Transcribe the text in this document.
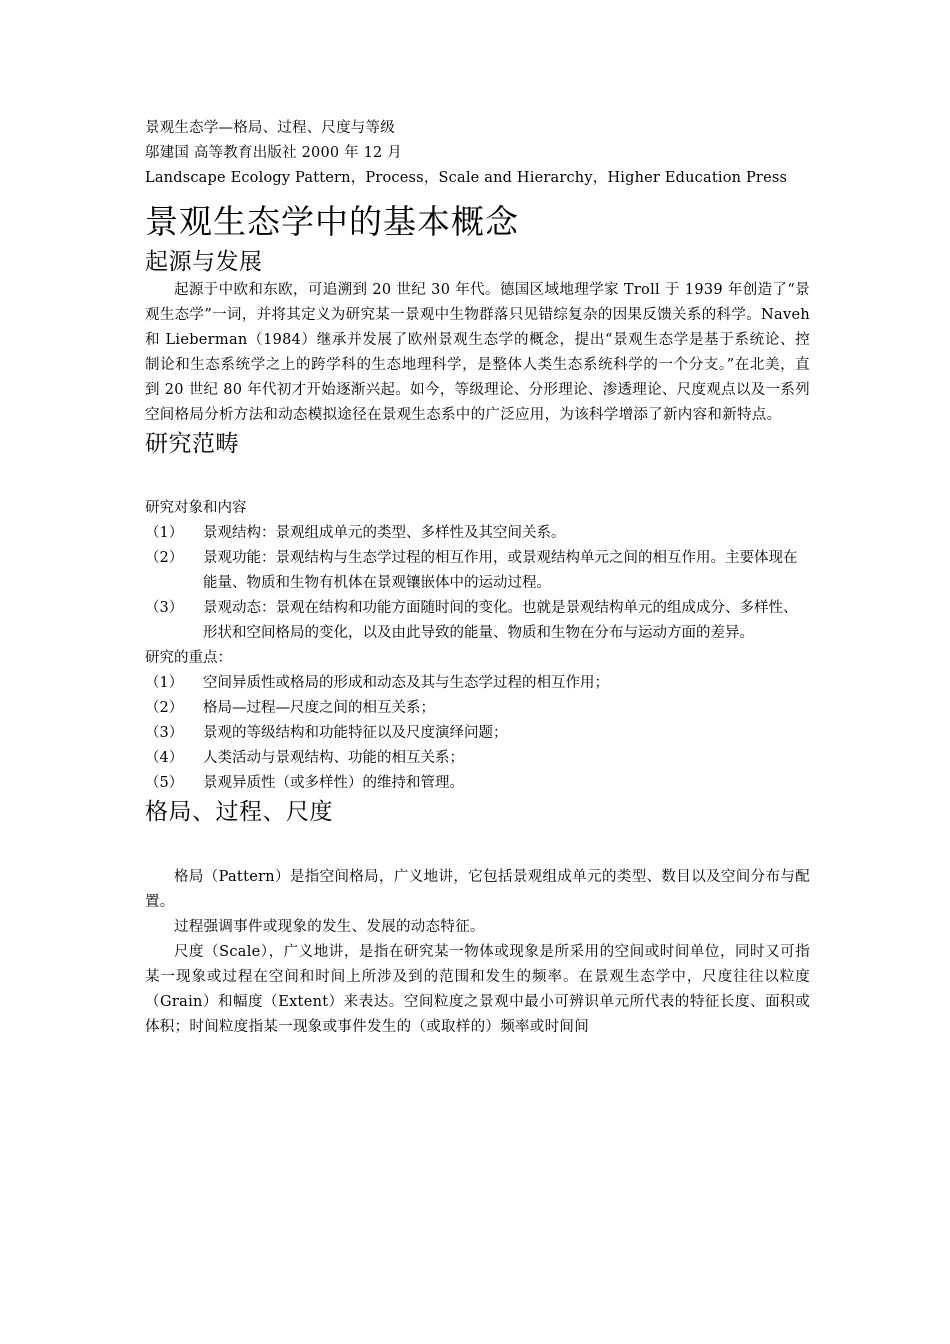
景观生态学—格局、过程、尺度与等级
邬建国 高等教育出版社 2000 年 12 月
Landscape Ecology Pattern，Process，Scale and Hierarchy，Higher Education Press
景观生态学中的基本概念
起源与发展

起源于中欧和东欧，可追溯到 20 世纪 30 年代。德国区域地理学家 Troll 于 1939 年创造了“景观生态学”一词，并将其定义为研究某一景观中生物群落只见错综复杂的因果反馈关系的科学。Naveh 和 Lieberman（1984）继承并发展了欧州景观生态学的概念，提出“景观生态学是基于系统论、控制论和生态系统学之上的跨学科的生态地理科学，是整体人类生态系统科学的一个分支。”在北美，直到 20 世纪 80 年代初才开始逐渐兴起。如今，等级理论、分形理论、渗透理论、尺度观点以及一系列空间格局分析方法和动态模拟途径在景观生态系中的广泛应用，为该科学增添了新内容和新特点。

研究范畴
研究对象和内容
（1）	景观结构：景观组成单元的类型、多样性及其空间关系。
（2）	景观功能：景观结构与生态学过程的相互作用，或景观结构单元之间的相互作用。主要体现在能量、物质和生物有机体在景观镶嵌体中的运动过程。
（3）	景观动态：景观在结构和功能方面随时间的变化。也就是景观结构单元的组成成分、多样性、形状和空间格局的变化，以及由此导致的能量、物质和生物在分布与运动方面的差异。
研究的重点：
（1）	空间异质性或格局的形成和动态及其与生态学过程的相互作用；
（2）	格局—过程—尺度之间的相互关系；
（3）	景观的等级结构和功能特征以及尺度演绎问题；
（4）	人类活动与景观结构、功能的相互关系；
（5）	景观异质性（或多样性）的维持和管理。
格局、过程、尺度

格局（Pattern）是指空间格局，广义地讲，它包括景观组成单元的类型、数目以及空间分布与配置。

过程强调事件或现象的发生、发展的动态特征。

尺度（Scale），广义地讲，是指在研究某一物体或现象是所采用的空间或时间单位，同时又可指某一现象或过程在空间和时间上所涉及到的范围和发生的频率。在景观生态学中，尺度往往以粒度（Grain）和幅度（Extent）来表达。空间粒度之景观中最小可辨识单元所代表的特征长度、面积或体积；时间粒度指某一现象或事件发生的（或取样的）频率或时间间
